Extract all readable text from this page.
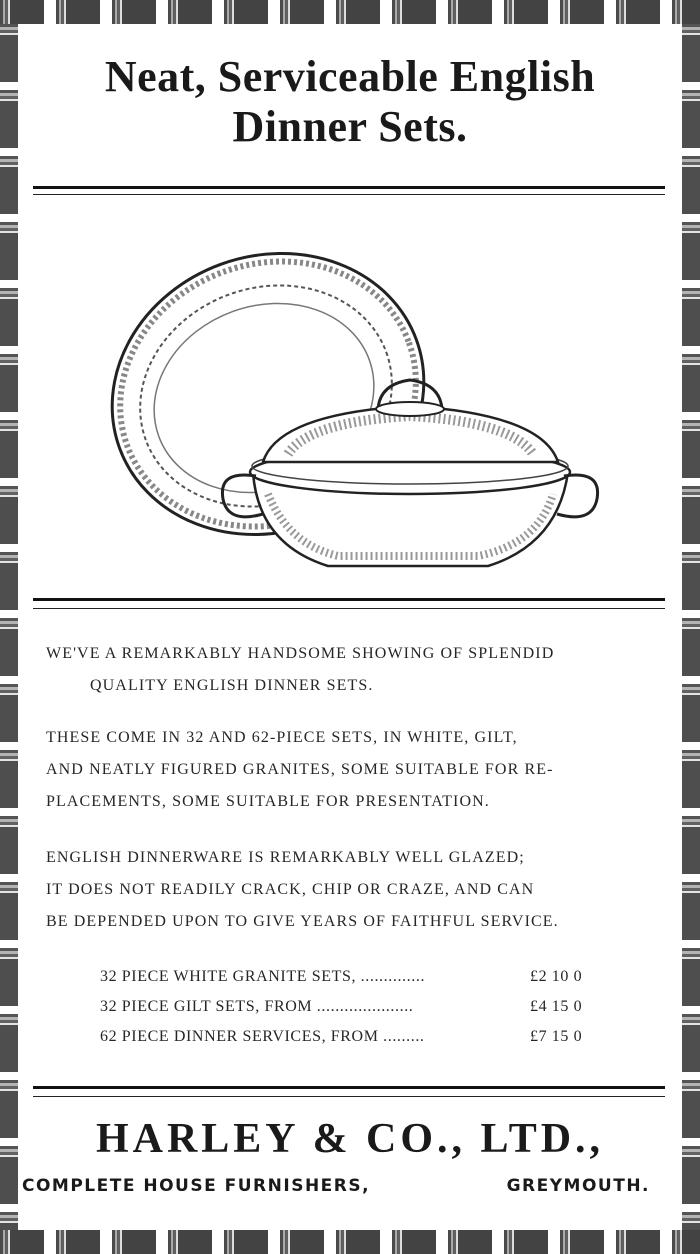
Neat, Serviceable English
Dinner Sets.

WE'VE A REMARKABLY HANDSOME SHOWING OF SPLENDID

QUALITY ENGLISH DINNER SETS.

THESE COME IN 32 AND 62-PIECE SETS, IN WHITE, GILT,

AND NEATLY FIGURED GRANITES, SOME SUITABLE FOR RE-

PLACEMENTS, SOME SUITABLE FOR PRESENTATION.

ENGLISH DINNERWARE IS REMARKABLY WELL GLAZED;

IT DOES NOT READILY CRACK, CHIP OR CRAZE, AND CAN

BE DEPENDED UPON TO GIVE YEARS OF FAITHFUL SERVICE.

32 PIECE WHITE GRANITE SETS, ..............	£2 10 0
32 PIECE GILT SETS, FROM .....................	£4 15 0
62 PIECE DINNER SERVICES, FROM .........	£7 15 0
HARLEY & CO., LTD.,
COMPLETE HOUSE FURNISHERS,	GREYMOUTH.
